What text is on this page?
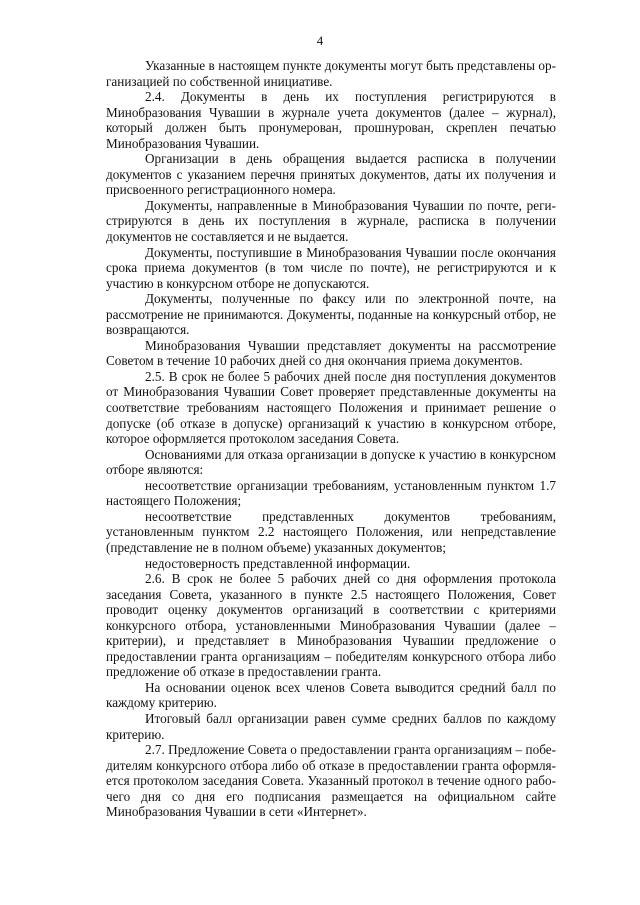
4

Указанные в настоящем пункте документы могут быть представлены организацией по собственной инициативе.

2.4. Документы в день их поступления регистрируются в Минобразования Чувашии в журнале учета документов (далее – журнал), который должен быть пронумерован, прошнурован, скреплен печатью Минобразования Чувашии.

Организации в день обращения выдается расписка в получении документов с указанием перечня принятых документов, даты их получения и присвоенного регистрационного номера.

Документы, направленные в Минобразования Чувашии по почте, регистрируются в день их поступления в журнале, расписка в получении документов не составляется и не выдается.

Документы, поступившие в Минобразования Чувашии после окончания срока приема документов (в том числе по почте), не регистрируются и к участию в конкурсном отборе не допускаются.

Документы, полученные по факсу или по электронной почте, на рассмотрение не принимаются. Документы, поданные на конкурсный отбор, не возвращаются.

Минобразования Чувашии представляет документы на рассмотрение Советом в течение 10 рабочих дней со дня окончания приема документов.

2.5. В срок не более 5 рабочих дней после дня поступления документов от Минобразования Чувашии Совет проверяет представленные документы на соответствие требованиям настоящего Положения и принимает решение о допуске (об отказе в допуске) организаций к участию в конкурсном отборе, которое оформляется протоколом заседания Совета.

Основаниями для отказа организации в допуске к участию в конкурсном отборе являются:

несоответствие организации требованиям, установленным пунктом 1.7 настоящего Положения;

несоответствие представленных документов требованиям, установленным пунктом 2.2 настоящего Положения, или непредставление (представление не в полном объеме) указанных документов;

недостоверность представленной информации.

2.6. В срок не более 5 рабочих дней со дня оформления протокола заседания Совета, указанного в пункте 2.5 настоящего Положения, Совет проводит оценку документов организаций в соответствии с критериями конкурсного отбора, установленными Минобразования Чувашии (далее – критерии), и представляет в Минобразования Чувашии предложение о предоставлении гранта организациям – победителям конкурсного отбора либо предложение об отказе в предоставлении гранта.

На основании оценок всех членов Совета выводится средний балл по каждому критерию.

Итоговый балл организации равен сумме средних баллов по каждому критерию.

2.7. Предложение Совета о предоставлении гранта организациям – победителям конкурсного отбора либо об отказе в предоставлении гранта оформляется протоколом заседания Совета. Указанный протокол в течение одного рабочего дня со дня его подписания размещается на официальном сайте Минобразования Чувашии в сети «Интернет».
